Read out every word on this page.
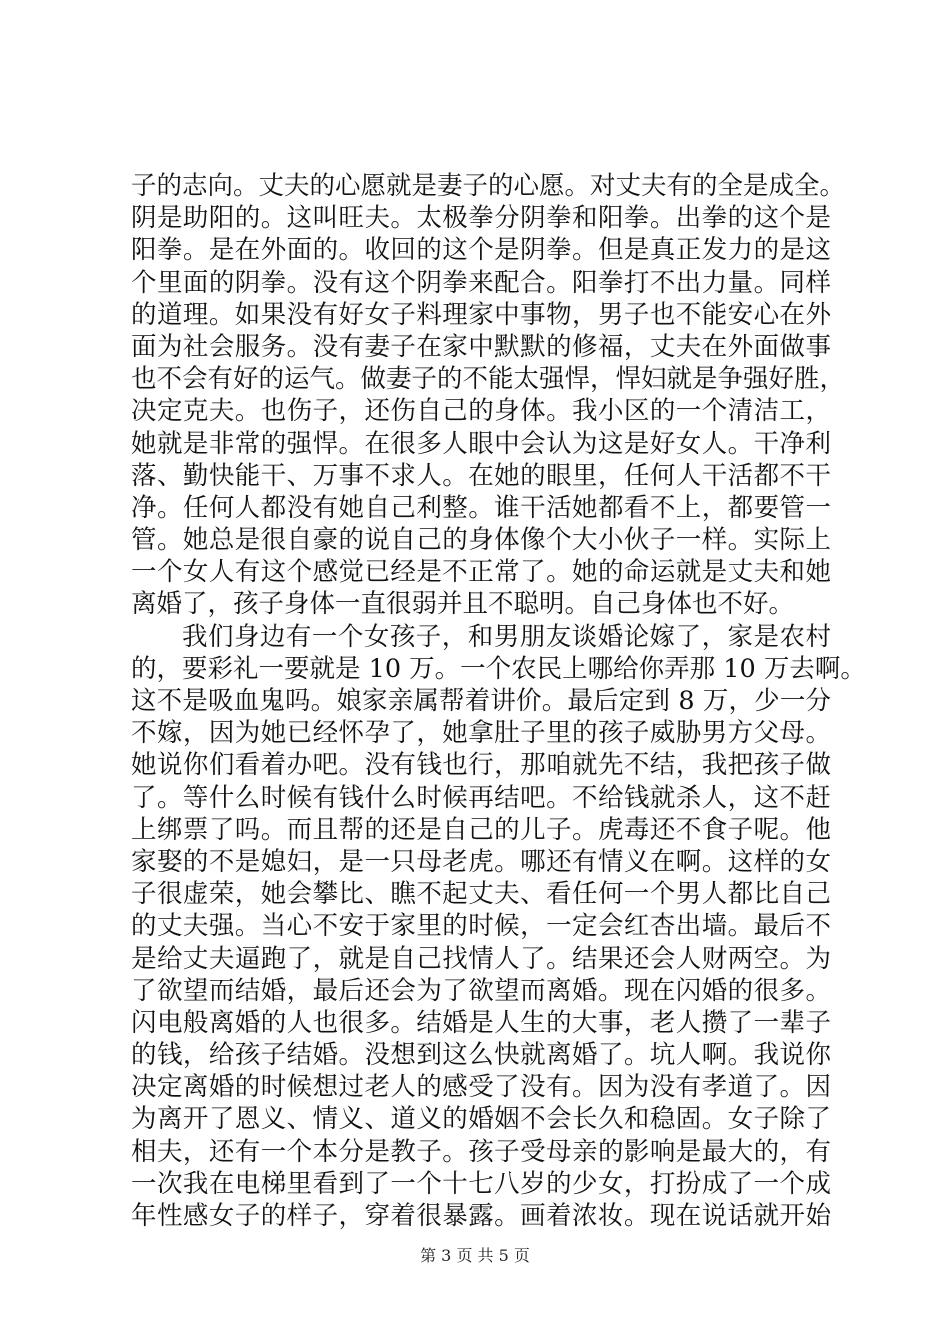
子的志向。丈夫的心愿就是妻子的心愿。对丈夫有的全是成全。
阴是助阳的。这叫旺夫。太极拳分阴拳和阳拳。出拳的这个是
阳拳。是在外面的。收回的这个是阴拳。但是真正发力的是这
个里面的阴拳。没有这个阴拳来配合。阳拳打不出力量。同样
的道理。如果没有好女子料理家中事物，男子也不能安心在外
面为社会服务。没有妻子在家中默默的修福，丈夫在外面做事
也不会有好的运气。做妻子的不能太强悍，悍妇就是争强好胜，
决定克夫。也伤子，还伤自己的身体。我小区的一个清洁工，
她就是非常的强悍。在很多人眼中会认为这是好女人。干净利
落、勤快能干、万事不求人。在她的眼里，任何人干活都不干
净。任何人都没有她自己利整。谁干活她都看不上，都要管一
管。她总是很自豪的说自己的身体像个大小伙子一样。实际上
一个女人有这个感觉已经是不正常了。她的命运就是丈夫和她
离婚了，孩子身体一直很弱并且不聪明。自己身体也不好。
我们身边有一个女孩子，和男朋友谈婚论嫁了，家是农村
的，要彩礼一要就是 10 万。一个农民上哪给你弄那 10 万去啊。
这不是吸血鬼吗。娘家亲属帮着讲价。最后定到 8 万，少一分
不嫁，因为她已经怀孕了，她拿肚子里的孩子威胁男方父母。
她说你们看着办吧。没有钱也行，那咱就先不结，我把孩子做
了。等什么时候有钱什么时候再结吧。不给钱就杀人，这不赶
上绑票了吗。而且帮的还是自己的儿子。虎毒还不食子呢。他
家娶的不是媳妇，是一只母老虎。哪还有情义在啊。这样的女
子很虚荣，她会攀比、瞧不起丈夫、看任何一个男人都比自己
的丈夫强。当心不安于家里的时候，一定会红杏出墙。最后不
是给丈夫逼跑了，就是自己找情人了。结果还会人财两空。为
了欲望而结婚，最后还会为了欲望而离婚。现在闪婚的很多。
闪电般离婚的人也很多。结婚是人生的大事，老人攒了一辈子
的钱，给孩子结婚。没想到这么快就离婚了。坑人啊。我说你
决定离婚的时候想过老人的感受了没有。因为没有孝道了。因
为离开了恩义、情义、道义的婚姻不会长久和稳固。女子除了
相夫，还有一个本分是教子。孩子受母亲的影响是最大的，有
一次我在电梯里看到了一个十七八岁的少女，打扮成了一个成
年性感女子的样子，穿着很暴露。画着浓妆。现在说话就开始
第 3 页 共 5 页
